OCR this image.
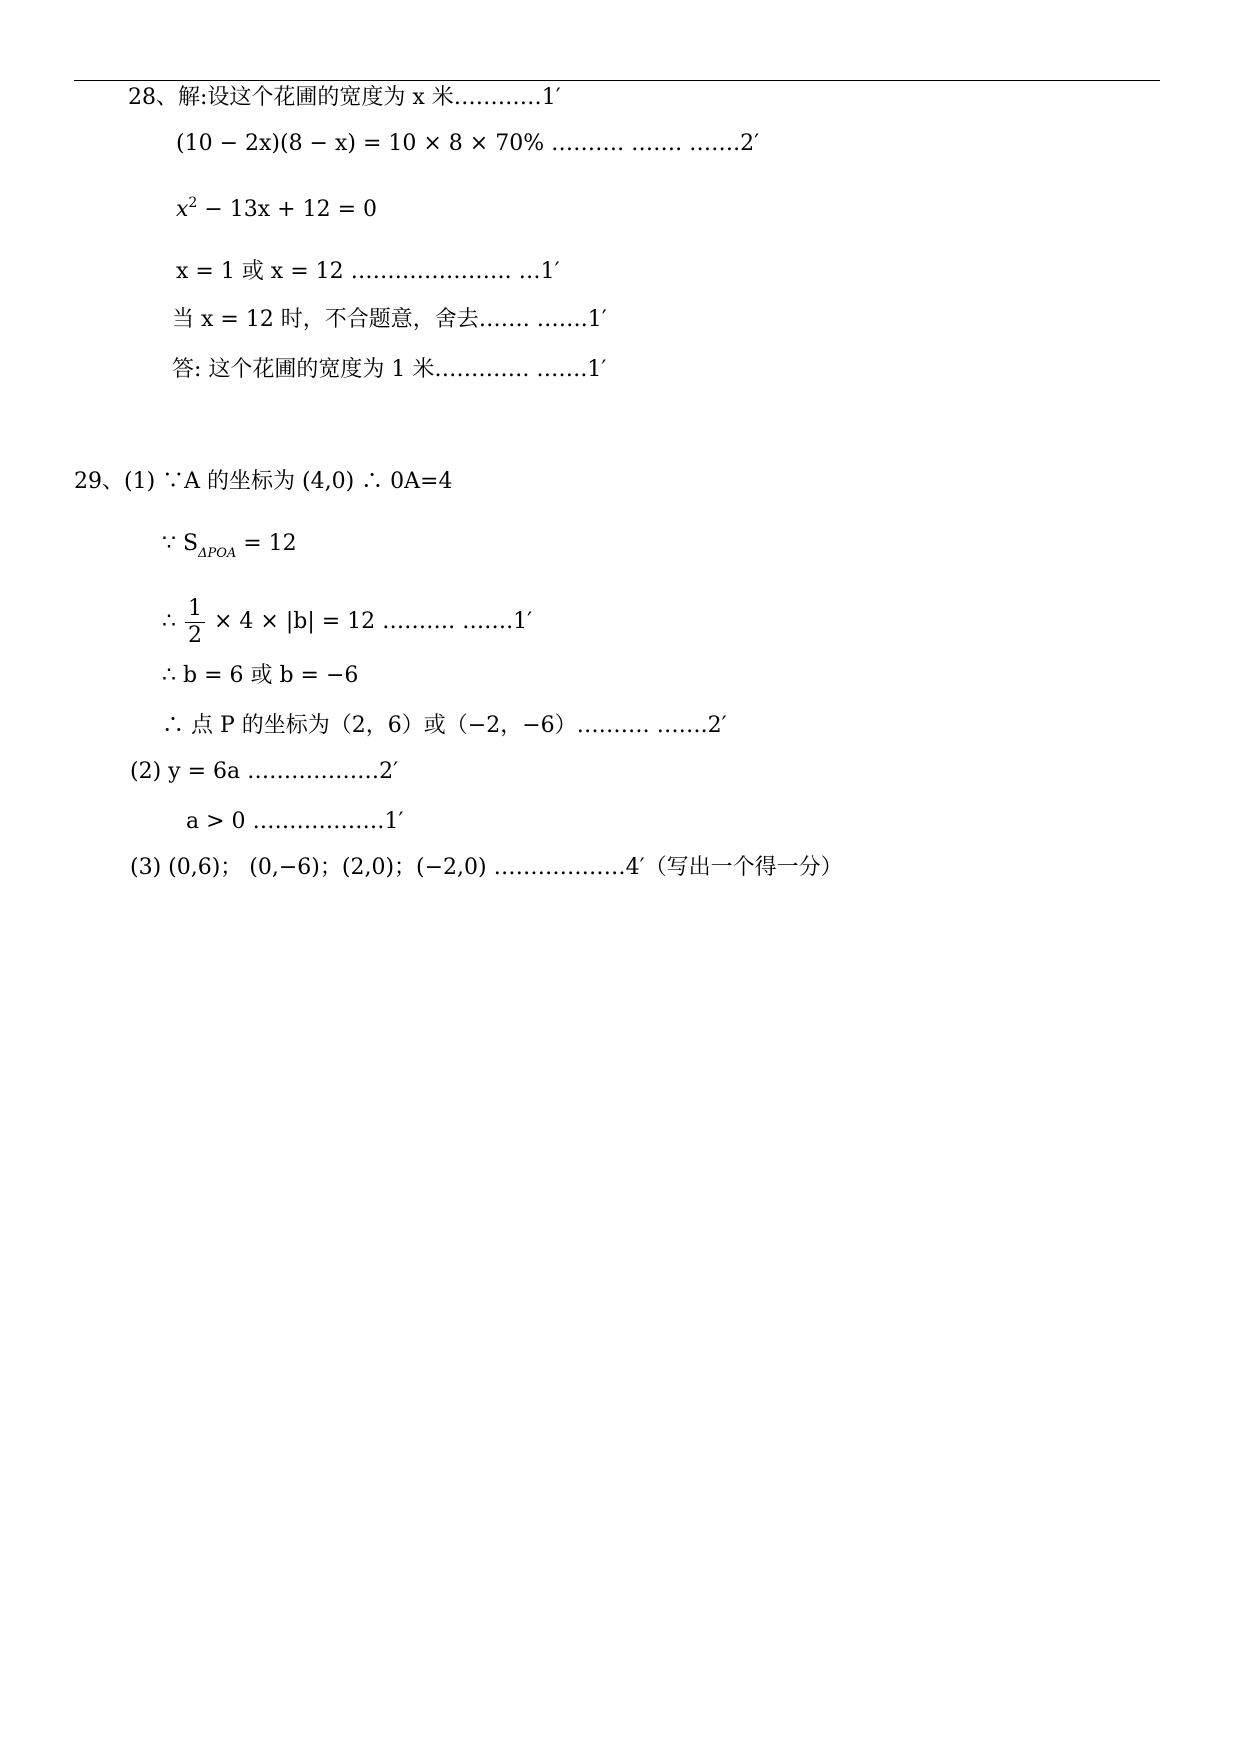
28、解:设这个花圃的宽度为 x 米…………1′
(10 − 2x)(8 − x) = 10 × 8 × 70% ………. ……. …….2′
$x^2 - 13x + 12 = 0$
x = 1 或 x = 12 …………………. …1′
当 x = 12 时，不合题意，舍去……. …….1′
答: 这个花圃的宽度为 1 米…………. …….1′
29、(1) ∵A 的坐标为 (4,0) ∴ 0A=4
∵ $S_{\Delta POA} = 12$
∴ $\frac{1}{2} \times 4 \times |b| = 12$ ………. …….1′
∴ b = 6 或 b = −6
∴ 点 P 的坐标为（2，6）或（−2，−6）………. …….2′
(2) y = 6a ………………2′
a > 0 ………………1′
(3) (0,6)； (0,−6)；(2,0)；(−2,0) ………………4′（写出一个得一分）
